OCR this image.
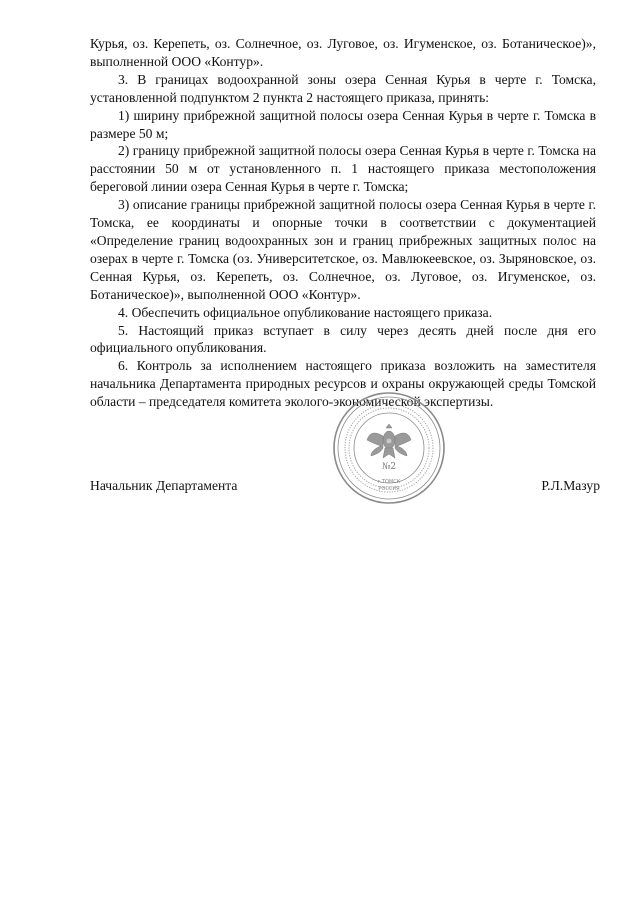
Курья, оз. Керепеть, оз. Солнечное, оз. Луговое, оз. Игуменское, оз. Ботаническое)», выполненной ООО «Контур».

3. В границах водоохранной зоны озера Сенная Курья в черте г. Томска, установленной подпунктом 2 пункта 2 настоящего приказа, принять:

1) ширину прибрежной защитной полосы озера Сенная Курья в черте г. Томска в размере 50 м;

2) границу прибрежной защитной полосы озера Сенная Курья в черте г. Томска на расстоянии 50 м от установленного п. 1 настоящего приказа местоположения береговой линии озера Сенная Курья в черте г. Томска;

3) описание границы прибрежной защитной полосы озера Сенная Курья в черте г. Томска, ее координаты и опорные точки в соответствии с документацией «Определение границ водоохранных зон и границ прибрежных защитных полос на озерах в черте г. Томска (оз. Университетское, оз. Мавлюкеевское, оз. Зыряновское, оз. Сенная Курья, оз. Керепеть, оз. Солнечное, оз. Луговое, оз. Игуменское, оз. Ботаническое)», выполненной ООО «Контур».

4. Обеспечить официальное опубликование настоящего приказа.

5. Настоящий приказ вступает в силу через десять дней после дня его официального опубликования.

6. Контроль за исполнением настоящего приказа возложить на заместителя начальника Департамента природных ресурсов и охраны окружающей среды Томской области – председателя комитета эколого-экономической экспертизы.

№2
г.ТОМСК
РОССИЯ
Начальник Департамента	Р.Л.Мазур
